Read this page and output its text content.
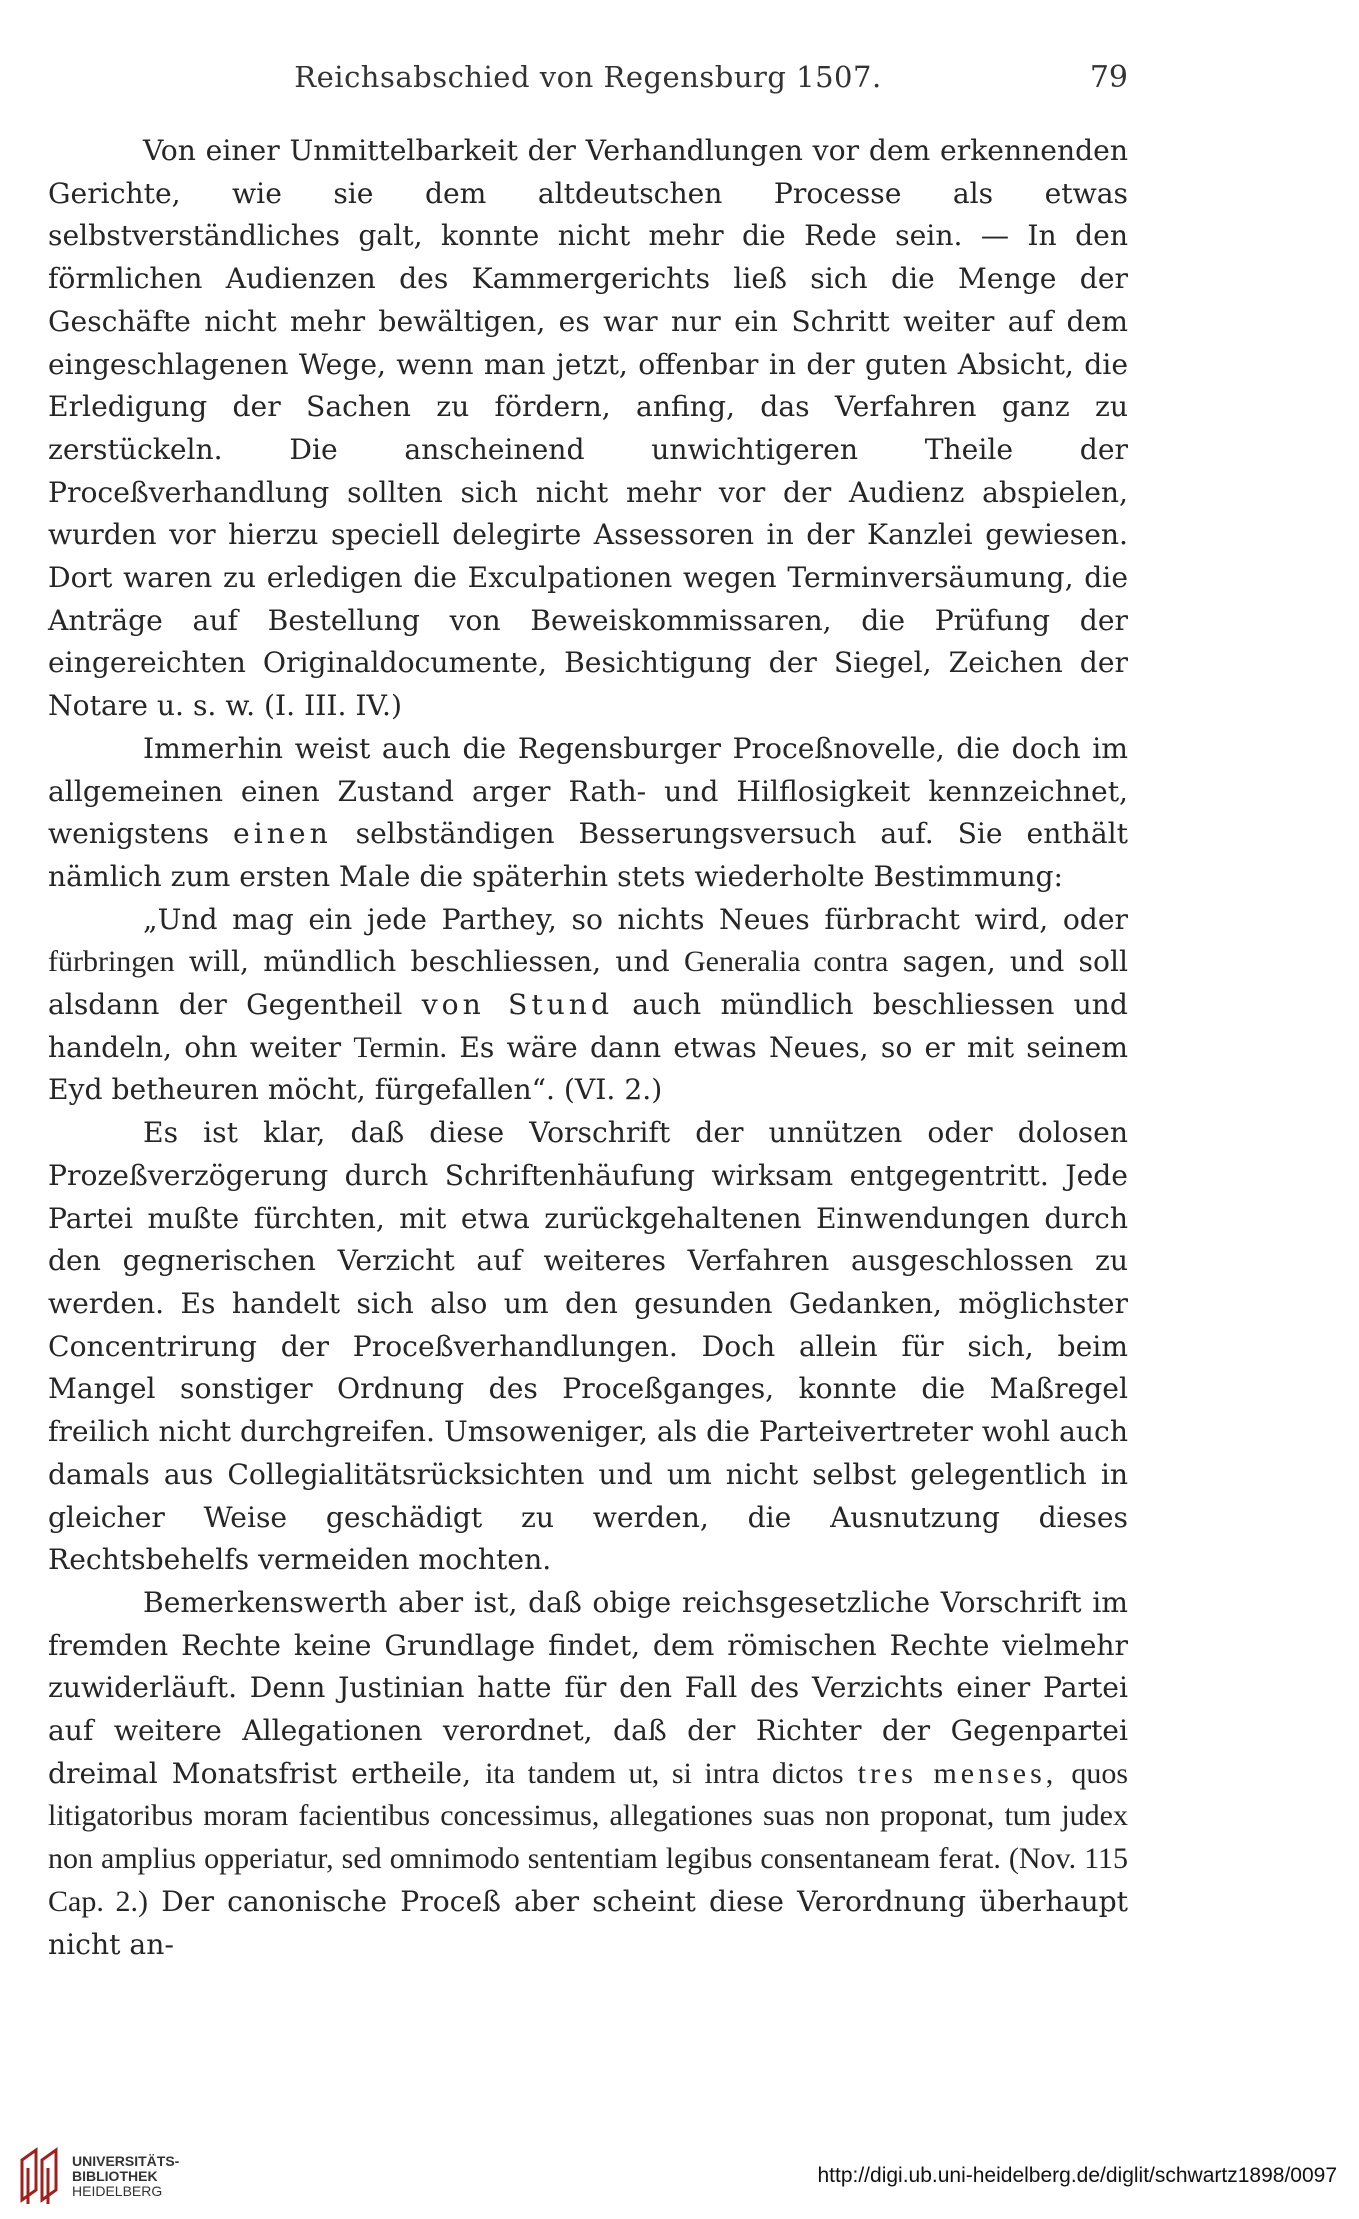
Reichsabschied von Regensburg 1507.	79

Von einer Unmittelbarkeit der Verhandlungen vor dem erkennenden Gerichte, wie sie dem altdeutschen Processe als etwas selbstverständliches galt, konnte nicht mehr die Rede sein. — In den förmlichen Audienzen des Kammergerichts ließ sich die Menge der Geschäfte nicht mehr bewältigen, es war nur ein Schritt weiter auf dem eingeschlagenen Wege, wenn man jetzt, offenbar in der guten Absicht, die Erledigung der Sachen zu fördern, anfing, das Verfahren ganz zu zerstückeln. Die anscheinend unwichtigeren Theile der Proceßverhandlung sollten sich nicht mehr vor der Audienz abspielen, wurden vor hierzu speciell delegirte Assessoren in der Kanzlei gewiesen. Dort waren zu erledigen die Exculpationen wegen Terminversäumung, die Anträge auf Bestellung von Beweiskommissaren, die Prüfung der eingereichten Originaldocumente, Besichtigung der Siegel, Zeichen der Notare u. s. w. (I. III. IV.)

Immerhin weist auch die Regensburger Proceßnovelle, die doch im allgemeinen einen Zustand arger Rath- und Hilflosigkeit kennzeichnet, wenigstens einen selbständigen Besserungsversuch auf. Sie enthält nämlich zum ersten Male die späterhin stets wiederholte Bestimmung:

„Und mag ein jede Parthey, so nichts Neues fürbracht wird, oder fürbringen will, mündlich beschliessen, und Generalia contra sagen, und soll alsdann der Gegentheil von Stund auch mündlich beschliessen und handeln, ohn weiter Termin. Es wäre dann etwas Neues, so er mit seinem Eyd betheuren möcht, fürgefallen“. (VI. 2.)

Es ist klar, daß diese Vorschrift der unnützen oder dolosen Prozeßverzögerung durch Schriftenhäufung wirksam entgegentritt. Jede Partei mußte fürchten, mit etwa zurückgehaltenen Einwendungen durch den gegnerischen Verzicht auf weiteres Verfahren ausgeschlossen zu werden. Es handelt sich also um den gesunden Gedanken, möglichster Concentrirung der Proceßverhandlungen. Doch allein für sich, beim Mangel sonstiger Ordnung des Proceßganges, konnte die Maßregel freilich nicht durchgreifen. Umsoweniger, als die Parteivertreter wohl auch damals aus Collegialitätsrücksichten und um nicht selbst gelegentlich in gleicher Weise geschädigt zu werden, die Ausnutzung dieses Rechtsbehelfs vermeiden mochten.

Bemerkenswerth aber ist, daß obige reichsgesetzliche Vorschrift im fremden Rechte keine Grundlage findet, dem römischen Rechte vielmehr zuwiderläuft. Denn Justinian hatte für den Fall des Verzichts einer Partei auf weitere Allegationen verordnet, daß der Richter der Gegenpartei dreimal Monatsfrist ertheile, ita tandem ut, si intra dictos tres menses, quos litigatoribus moram facientibus concessimus, allegationes suas non proponat, tum judex non amplius opperiatur, sed omnimodo sententiam legibus consentaneam ferat. (Nov. 115 Cap. 2.) Der canonische Proceß aber scheint diese Verordnung überhaupt nicht an-

UNIVERSITÄTS-
BIBLIOTHEK
HEIDELBERG
http://digi.ub.uni-heidelberg.de/diglit/schwartz1898/0097
